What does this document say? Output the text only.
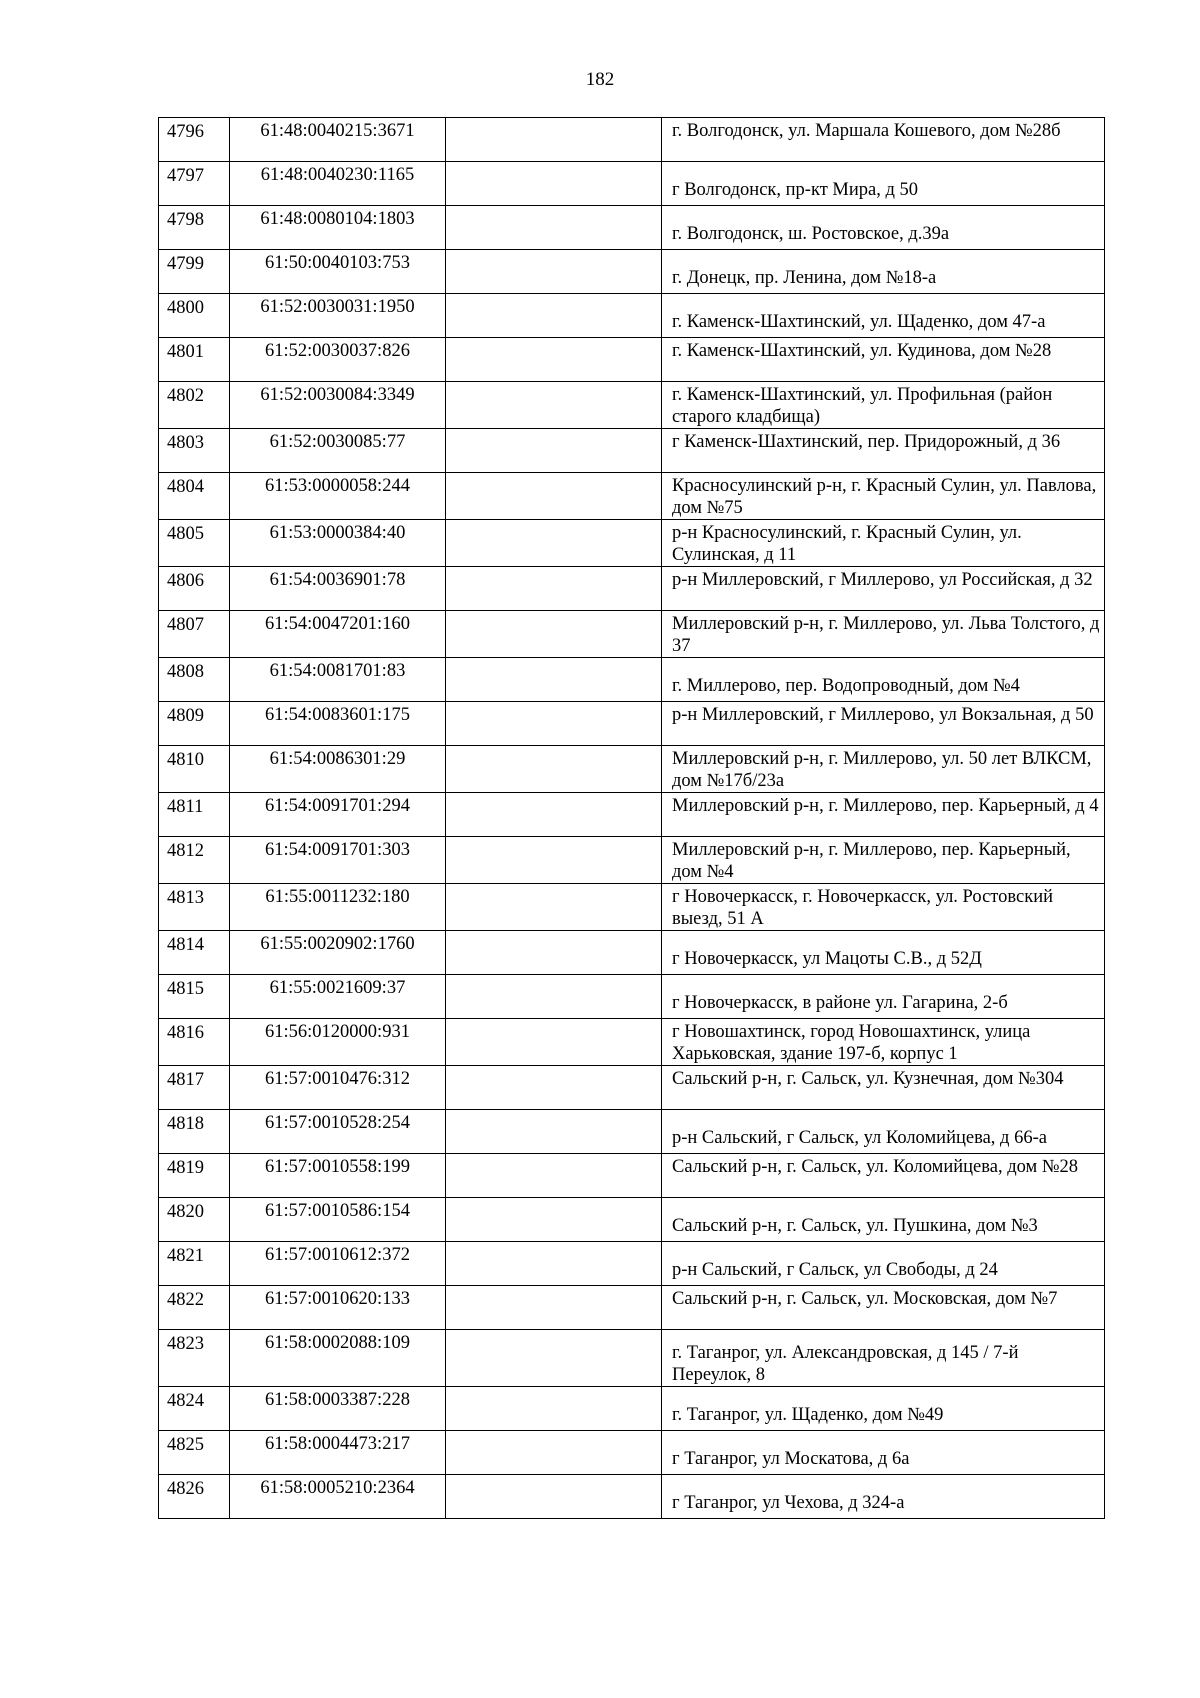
182
4796	61:48:0040215:3671		г. Волгодонск, ул. Маршала Кошевого, дом №28б
4797	61:48:0040230:1165		г Волгодонск, пр-кт Мира, д 50
4798	61:48:0080104:1803		г. Волгодонск, ш. Ростовское, д.39а
4799	61:50:0040103:753		г. Донецк, пр. Ленина, дом №18-а
4800	61:52:0030031:1950		г. Каменск-Шахтинский, ул. Щаденко, дом 47-а
4801	61:52:0030037:826		г. Каменск-Шахтинский, ул. Кудинова, дом №28
4802	61:52:0030084:3349		г. Каменск-Шахтинский, ул. Профильная (район старого кладбища)
4803	61:52:0030085:77		г Каменск-Шахтинский, пер. Придорожный, д 36
4804	61:53:0000058:244		Красносулинский р-н, г. Красный Сулин, ул. Павлова, дом №75
4805	61:53:0000384:40		р-н Красносулинский, г. Красный Сулин, ул. Сулинская, д 11
4806	61:54:0036901:78		р-н Миллеровский, г Миллерово, ул Российская, д 32
4807	61:54:0047201:160		Миллеровский р-н, г. Миллерово, ул. Льва Толстого, д 37
4808	61:54:0081701:83		г. Миллерово, пер. Водопроводный, дом №4
4809	61:54:0083601:175		р-н Миллеровский, г Миллерово, ул Вокзальная, д 50
4810	61:54:0086301:29		Миллеровский р-н, г. Миллерово, ул. 50 лет ВЛКСМ, дом №17б/23а
4811	61:54:0091701:294		Миллеровский р-н, г. Миллерово, пер. Карьерный, д 4
4812	61:54:0091701:303		Миллеровский р-н, г. Миллерово, пер. Карьерный, дом №4
4813	61:55:0011232:180		г Новочеркасск, г. Новочеркасск, ул. Ростовский выезд, 51 А
4814	61:55:0020902:1760		г Новочеркасск, ул Мацоты С.В., д 52Д
4815	61:55:0021609:37		г Новочеркасск, в районе ул. Гагарина, 2-б
4816	61:56:0120000:931		г Новошахтинск, город Новошахтинск, улица Харьковская, здание 197-б, корпус 1
4817	61:57:0010476:312		Сальский р-н, г. Сальск, ул. Кузнечная, дом №304
4818	61:57:0010528:254		р-н Сальский, г Сальск, ул Коломийцева, д 66-а
4819	61:57:0010558:199		Сальский р-н, г. Сальск, ул. Коломийцева, дом №28
4820	61:57:0010586:154		Сальский р-н, г. Сальск, ул. Пушкина, дом №3
4821	61:57:0010612:372		р-н Сальский, г Сальск, ул Свободы, д 24
4822	61:57:0010620:133		Сальский р-н, г. Сальск, ул. Московская, дом №7
4823	61:58:0002088:109		г. Таганрог, ул. Александровская, д 145 / 7-й Переулок, 8
4824	61:58:0003387:228		г. Таганрог, ул. Щаденко, дом №49
4825	61:58:0004473:217		г Таганрог, ул Москатова, д 6а
4826	61:58:0005210:2364		г Таганрог, ул Чехова, д 324-а
